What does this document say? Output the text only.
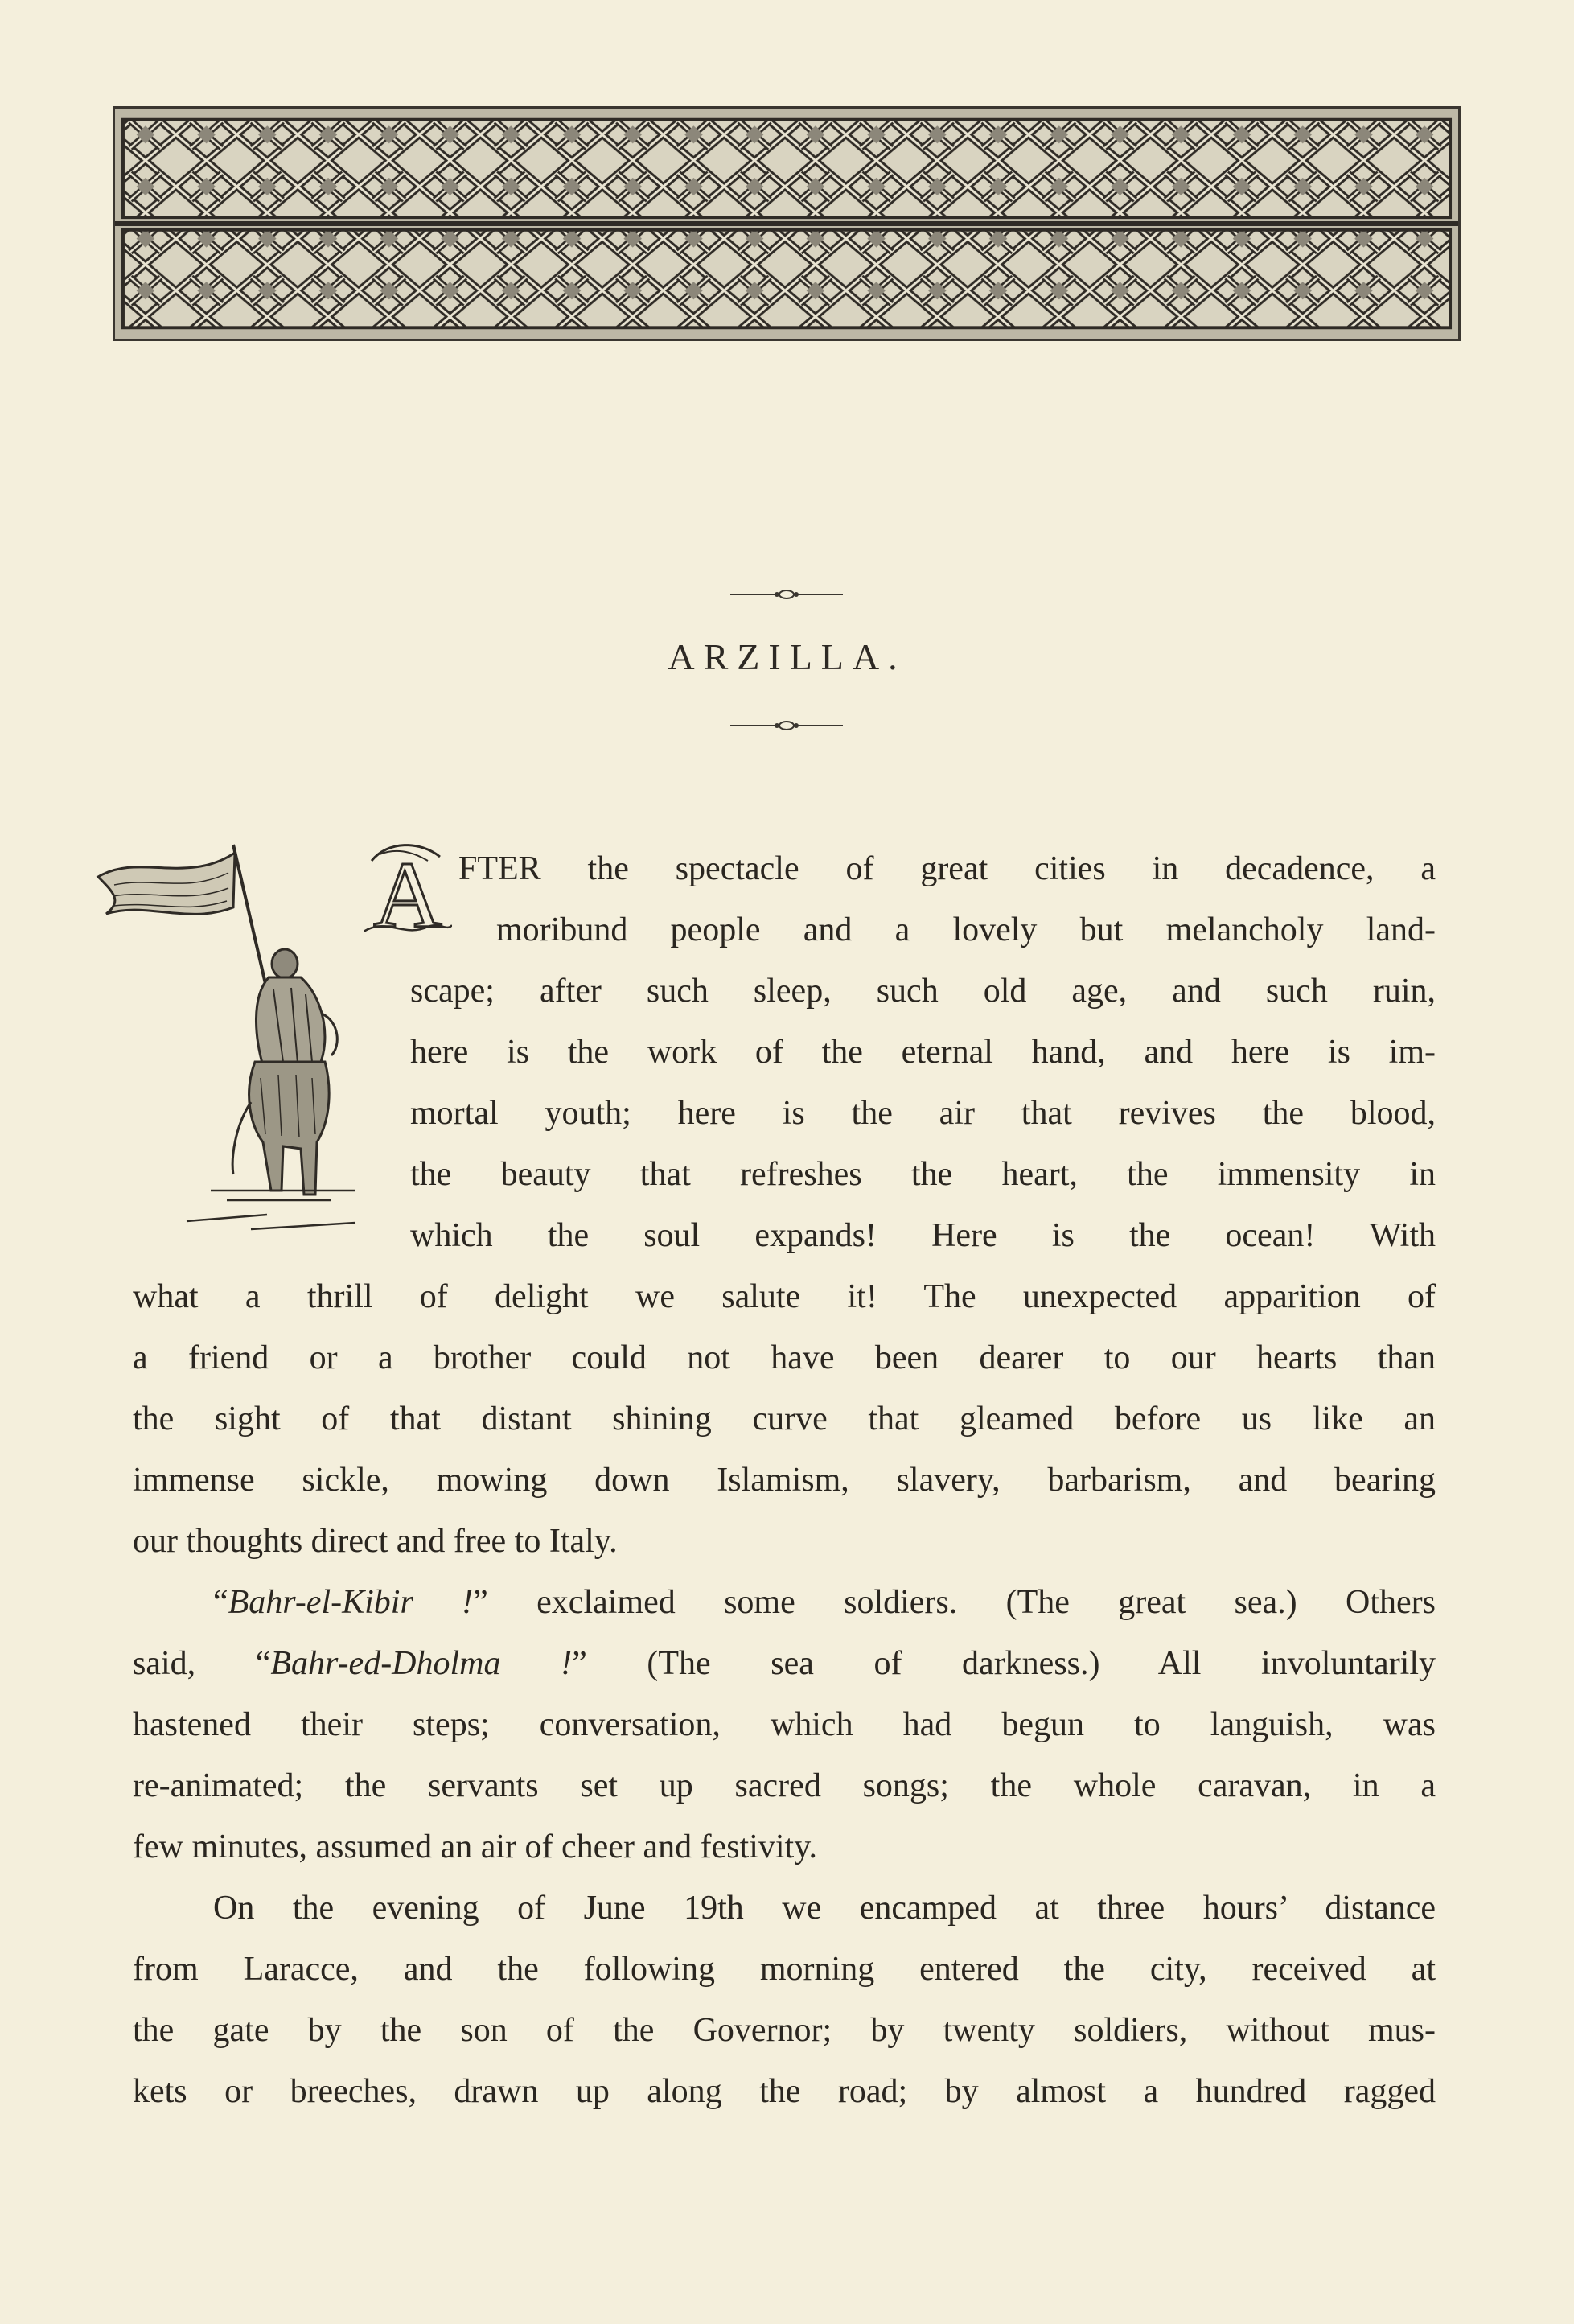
ARZILLA.
A FTER the spectacle of great cities in decadence, a

moribund people and a lovely but melancholy land-

scape; after such sleep, such old age, and such ruin,

here is the work of the eternal hand, and here is im-

mortal youth; here is the air that revives the blood,

the beauty that refreshes the heart, the immensity in

which the soul expands! Here is the ocean! With

what a thrill of delight we salute it! The unexpected apparition of

a friend or a brother could not have been dearer to our hearts than

the sight of that distant shining curve that gleamed before us like an

immense sickle, mowing down Islamism, slavery, barbarism, and bearing

our thoughts direct and free to Italy.

“Bahr-el-Kibir !” exclaimed some soldiers. (The great sea.) Others

said, “Bahr-ed-Dholma !” (The sea of darkness.) All involuntarily

hastened their steps; conversation, which had begun to languish, was

re-animated; the servants set up sacred songs; the whole caravan, in a

few minutes, assumed an air of cheer and festivity.

On the evening of June 19th we encamped at three hours’ distance

from Laracce, and the following morning entered the city, received at

the gate by the son of the Governor; by twenty soldiers, without mus-

kets or breeches, drawn up along the road; by almost a hundred ragged
